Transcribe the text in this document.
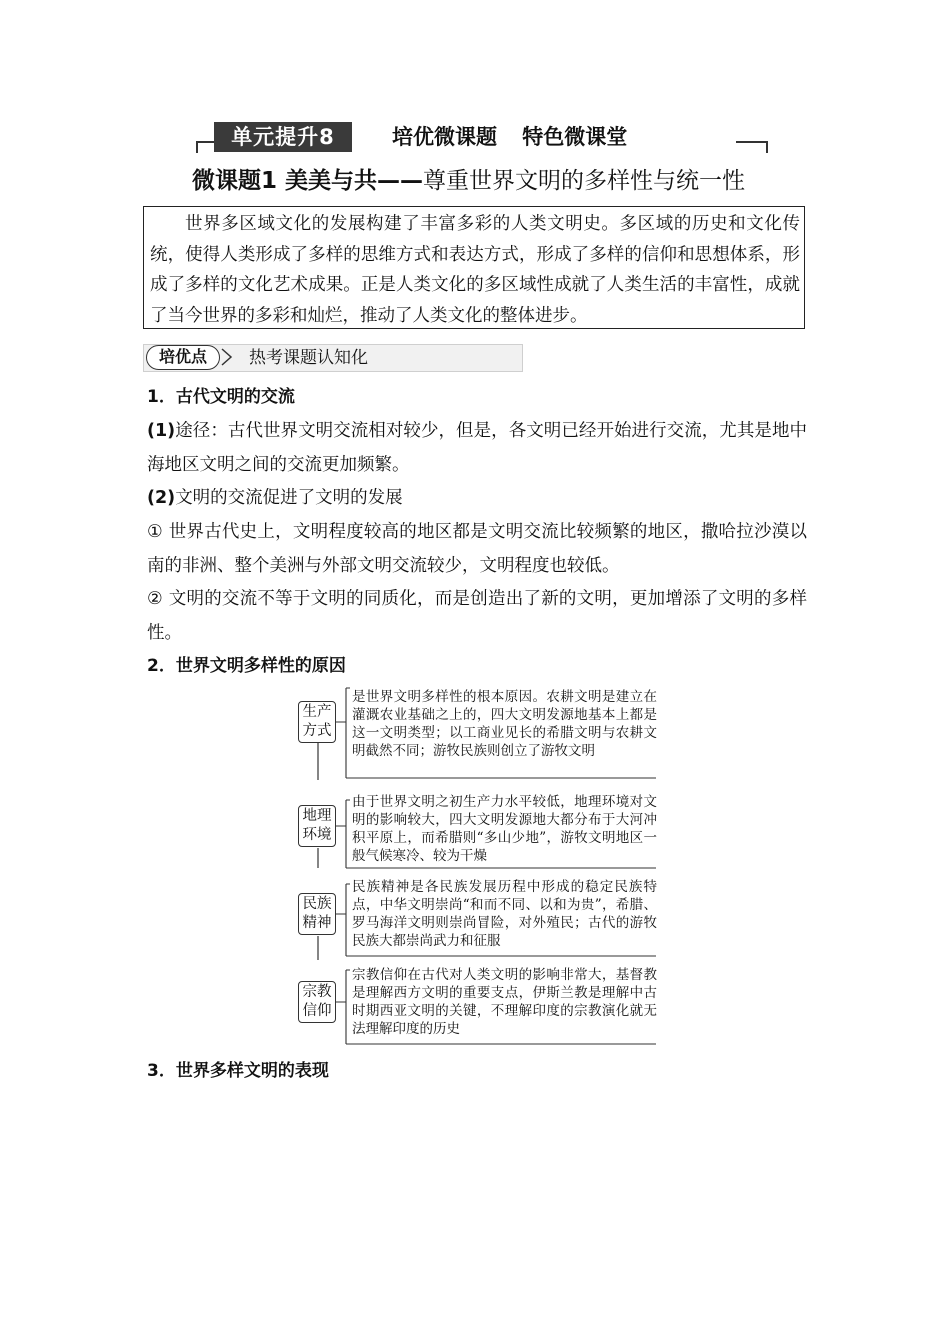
单元提升8	培优微课题 特色微课堂
微课题1 美美与共——尊重世界文明的多样性与统一性
世界多区域文化的发展构建了丰富多彩的人类文明史。多区域的历史和文化传统，使得人类形成了多样的思维方式和表达方式，形成了多样的信仰和思想体系，形成了多样的文化艺术成果。正是人类文化的多区域性成就了人类生活的丰富性，成就了当今世界的多彩和灿烂，推动了人类文化的整体进步。
培优点	热考课题认知化
1．古代文明的交流
(1)途径：古代世界文明交流相对较少，但是，各文明已经开始进行交流，尤其是地中海地区文明之间的交流更加频繁。
(2)文明的交流促进了文明的发展
① 世界古代史上，文明程度较高的地区都是文明交流比较频繁的地区，撒哈拉沙漠以南的非洲、整个美洲与外部文明交流较少，文明程度也较低。
② 文明的交流不等于文明的同质化，而是创造出了新的文明，更加增添了文明的多样性。
2．世界文明多样性的原因
生产
方式
是世界文明多样性的根本原因。农耕文明是建立在灌溉农业基础之上的，四大文明发源地基本上都是这一文明类型；以工商业见长的希腊文明与农耕文明截然不同；游牧民族则创立了游牧文明
地理
环境
由于世界文明之初生产力水平较低，地理环境对文明的影响较大，四大文明发源地大都分布于大河冲积平原上，而希腊则“多山少地”，游牧文明地区一般气候寒冷、较为干燥
民族
精神
民族精神是各民族发展历程中形成的稳定民族特点，中华文明崇尚“和而不同、以和为贵”，希腊、罗马海洋文明则崇尚冒险，对外殖民；古代的游牧民族大都崇尚武力和征服
宗教
信仰
宗教信仰在古代对人类文明的影响非常大，基督教是理解西方文明的重要支点，伊斯兰教是理解中古时期西亚文明的关键，不理解印度的宗教演化就无法理解印度的历史
3．世界多样文明的表现
